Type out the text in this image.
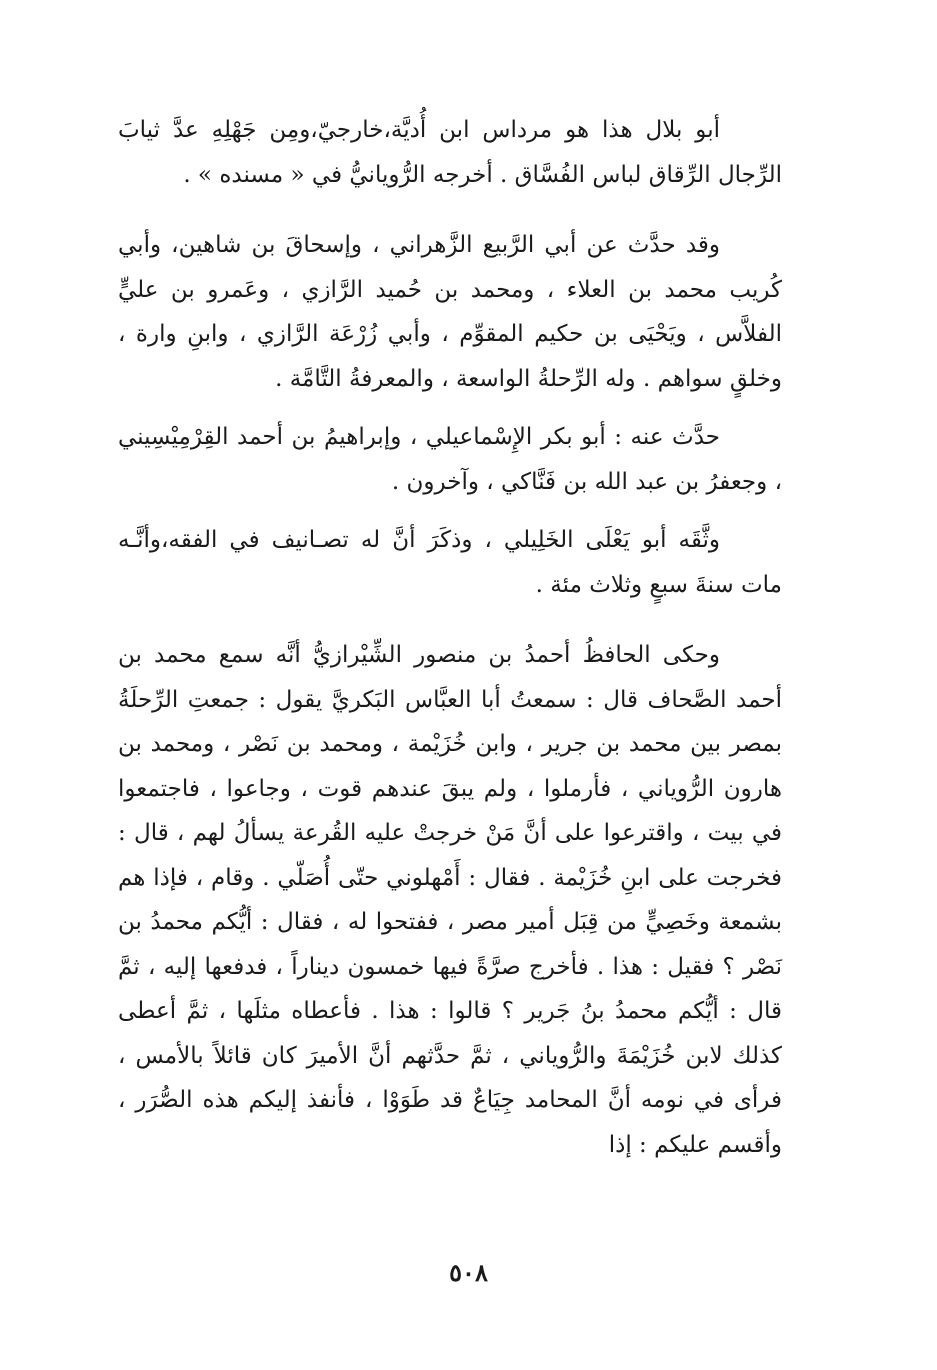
أبو بلال هذا هو مرداس ابن أُديَّة،خارجيّ،ومِن جَهْلِهِ عدَّ ثيابَ الرِّجال الرِّقاق لباس الفُسَّاق . أخرجه الرُّويانيُّ في « مسنده » .

وقد حدَّث عن أبي الرَّبيع الزَّهراني ، وإسحاقَ بن شاهين، وأبي كُريب محمد بن العلاء ، ومحمد بن حُميد الرَّازي ، وعَمرو بن عليٍّ الفلاَّس ، ويَحْيَى بن حكيم المقوِّم ، وأبي زُرْعَة الرَّازي ، وابنِ وارة ، وخلقٍ سواهم . وله الرِّحلةُ الواسعة ، والمعرفةُ التَّامَّة .

حدَّث عنه : أبو بكر الإِسْماعيلي ، وإبراهيمُ بن أحمد القِرْمِيْسِيني ، وجعفرُ بن عبد الله بن فَنَّاكي ، وآخرون .

وثَّقَه أبو يَعْلَى الخَلِيلي ، وذكَرَ أنَّ له تصـانيف في الفقه،وأنَّـه مات سنةَ سبعٍ وثلاث مئة .

وحكى الحافظُ أحمدُ بن منصور الشِّيْرازيُّ أنَّه سمع محمد بن أحمد الصَّحاف قال : سمعتُ أبا العبَّاس البَكريَّ يقول : جمعتِ الرِّحلَةُ بمصر بين محمد بن جرير ، وابن خُزَيْمة ، ومحمد بن نَصْر ، ومحمد بن هارون الرُّوياني ، فأرملوا ، ولم يبقَ عندهم قوت ، وجاعوا ، فاجتمعوا في بيت ، واقترعوا على أنَّ مَنْ خرجتْ عليه القُرعة يسألُ لهم ، قال : فخرجت على ابنِ خُزَيْمة . فقال : أَمْهلوني حتّى أُصَلّي . وقام ، فإذا هم بشمعة وخَصِيٍّ من قِبَل أمير مصر ، ففتحوا له ، فقال : أيُّكم محمدُ بن نَصْر ؟ فقيل : هذا . فأخرج صرَّةً فيها خمسون ديناراً ، فدفعها إليه ، ثمَّ قال : أيُّكم محمدُ بنُ جَرير ؟ قالوا : هذا . فأعطاه مثلَها ، ثمَّ أعطى كذلك لابن خُزَيْمَةَ والرُّوياني ، ثمَّ حدَّثهم أنَّ الأميرَ كان قائلاً بالأمس ، فرأى في نومه أنَّ المحامد جِيَاعٌ قد طَوَوْا ، فأنفذ إليكم هذه الصُّرَر ، وأقسم عليكم : إذا

٥٠٨
